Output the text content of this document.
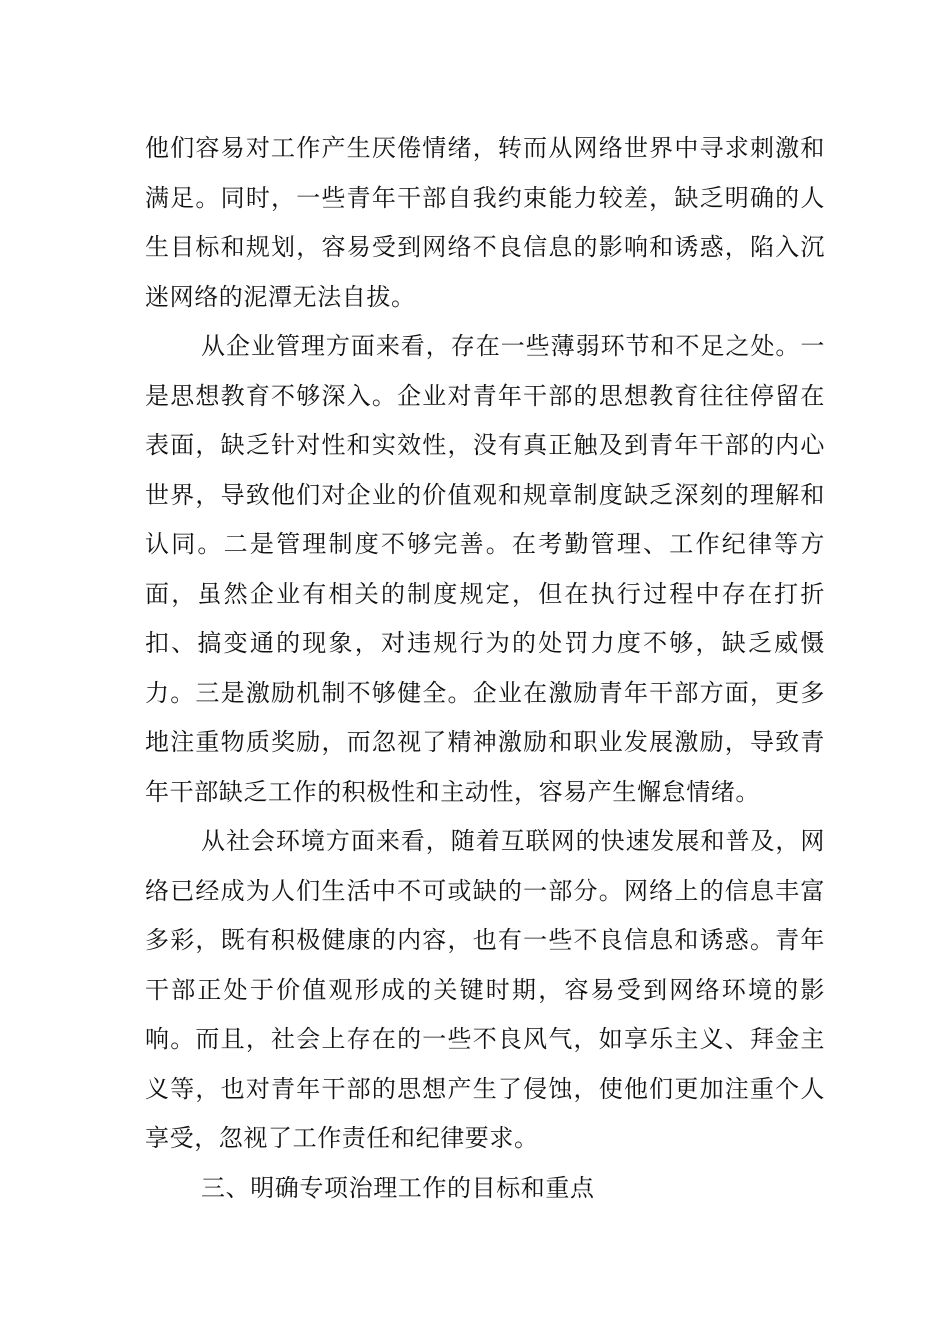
他们容易对工作产生厌倦情绪，转而从网络世界中寻求刺激和满足。同时，一些青年干部自我约束能力较差，缺乏明确的人生目标和规划，容易受到网络不良信息的影响和诱惑，陷入沉迷网络的泥潭无法自拔。

从企业管理方面来看，存在一些薄弱环节和不足之处。一是思想教育不够深入。企业对青年干部的思想教育往往停留在表面，缺乏针对性和实效性，没有真正触及到青年干部的内心世界，导致他们对企业的价值观和规章制度缺乏深刻的理解和认同。二是管理制度不够完善。在考勤管理、工作纪律等方面，虽然企业有相关的制度规定，但在执行过程中存在打折扣、搞变通的现象，对违规行为的处罚力度不够，缺乏威慑力。三是激励机制不够健全。企业在激励青年干部方面，更多地注重物质奖励，而忽视了精神激励和职业发展激励，导致青年干部缺乏工作的积极性和主动性，容易产生懈怠情绪。

从社会环境方面来看，随着互联网的快速发展和普及，网络已经成为人们生活中不可或缺的一部分。网络上的信息丰富多彩，既有积极健康的内容，也有一些不良信息和诱惑。青年干部正处于价值观形成的关键时期，容易受到网络环境的影响。而且，社会上存在的一些不良风气，如享乐主义、拜金主义等，也对青年干部的思想产生了侵蚀，使他们更加注重个人享受，忽视了工作责任和纪律要求。

三、明确专项治理工作的目标和重点
